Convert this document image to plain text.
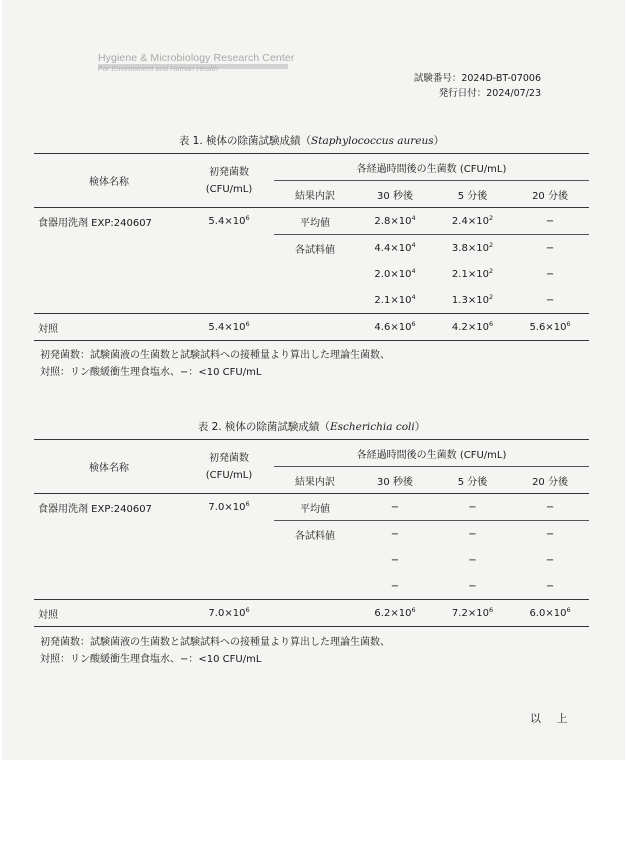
Hygiene & Microbiology Research Center
For Environment and Human Health
試験番号：2024D-BT-07006
発行日付：2024/07/23
表 1. 検体の除菌試験成績（Staphylococcus aureus）
検体名称	初発菌数
(CFU/mL)	各経過時間後の生菌数 (CFU/mL)			
		結果内訳	30 秒後	5 分後	20 分後
食器用洗剤 EXP:240607	$5.4\times 10^6$	平均値	$2.8\times 10^4$	$2.4\times 10^2$	−
		各試料値	$4.4\times 10^4$	$3.8\times 10^2$	−
			$2.0\times 10^4$	$2.1\times 10^2$	−
			$2.1\times 10^4$	$1.3\times 10^2$	−
対照	$5.4\times 10^6$		$4.6\times 10^6$	$4.2\times 10^6$	$5.6\times 10^6$
初発菌数：試験菌液の生菌数と試験試料への接種量より算出した理論生菌数、
対照：リン酸緩衝生理食塩水、−：<10 CFU/mL
表 2. 検体の除菌試験成績（Escherichia coli）
検体名称	初発菌数
(CFU/mL)	各経過時間後の生菌数 (CFU/mL)			
		結果内訳	30 秒後	5 分後	20 分後
食器用洗剤 EXP:240607	$7.0\times 10^6$	平均値	−	−	−
		各試料値	−	−	−
			−	−	−
			−	−	−
対照	$7.0\times 10^6$		$6.2\times 10^6$	$7.2\times 10^6$	$6.0\times 10^6$
初発菌数：試験菌液の生菌数と試験試料への接種量より算出した理論生菌数、
対照：リン酸緩衝生理食塩水、−：<10 CFU/mL
以 上
